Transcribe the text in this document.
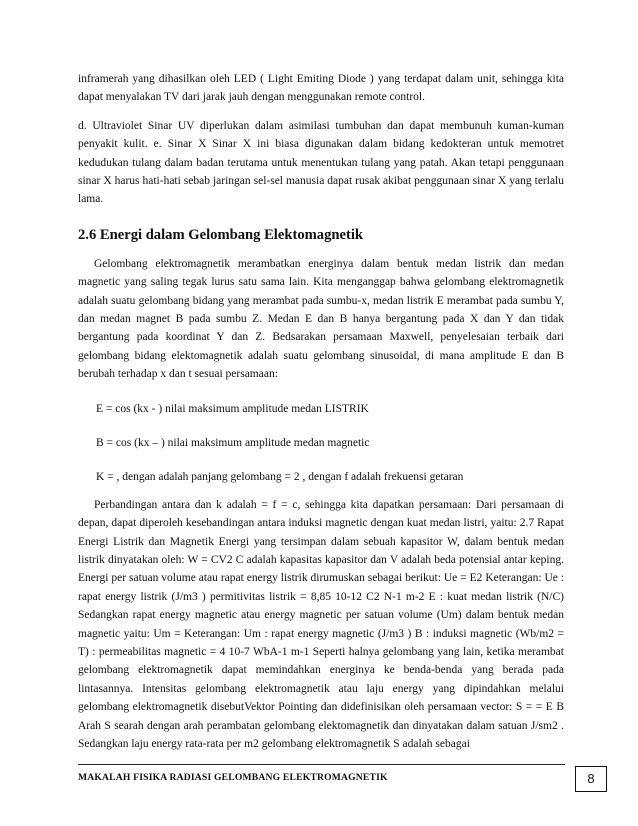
inframerah yang dihasilkan oleh LED ( Light Emiting Diode ) yang terdapat dalam unit, sehingga kita dapat menyalakan TV dari jarak jauh dengan menggunakan remote control.

d. Ultraviolet Sinar UV diperlukan dalam asimilasi tumbuhan dan dapat membunuh kuman-kuman penyakit kulit. e. Sinar X Sinar X ini biasa digunakan dalam bidang kedokteran untuk memotret kedudukan tulang dalam badan terutama untuk menentukan tulang yang patah. Akan tetapi penggunaan sinar X harus hati-hati sebab jaringan sel-sel manusia dapat rusak akibat penggunaan sinar X yang terlalu lama.

2.6 Energi dalam Gelombang Elektomagnetik

Gelombang elektromagnetik merambatkan energinya dalam bentuk medan listrik dan medan magnetic yang saling tegak lurus satu sama lain. Kita menganggap bahwa gelombang elektromagnetik adalah suatu gelombang bidang yang merambat pada sumbu-x, medan listrik E merambat pada sumbu Y, dan medan magnet B pada sumbu Z. Medan E dan B hanya bergantung pada X dan Y dan tidak bergantung pada koordinat Y dan Z. Bedsarakan persamaan Maxwell, penyelesaian terbaik dari gelombang bidang elektomagnetik adalah suatu gelombang sinusoidal, di mana amplitude E dan B berubah terhadap x dan t sesuai persamaan:

E = cos (kx - ) nilai maksimum amplitude medan LISTRIK
B = cos (kx – ) nilai maksimum amplitude medan magnetic
K = , dengan adalah panjang gelombang = 2 , dengan f adalah frekuensi getaran

Perbandingan antara dan k adalah = f = c, sehingga kita dapatkan persamaan: Dari persamaan di depan, dapat diperoleh kesebandingan antara induksi magnetic dengan kuat medan listri, yaitu: 2.7 Rapat Energi Listrik dan Magnetik Energi yang tersimpan dalam sebuah kapasitor W, dalam bentuk medan listrik dinyatakan oleh: W = CV2 C adalah kapasitas kapasitor dan V adalah beda potensial antar keping. Energi per satuan volume atau rapat energy listrik dirumuskan sebagai berikut: Ue = E2 Keterangan: Ue : rapat energy listrik (J/m3 ) permitivitas listrik = 8,85 10-12 C2 N-1 m-2 E : kuat medan listrik (N/C) Sedangkan rapat energy magnetic atau energy magnetic per satuan volume (Um) dalam bentuk medan magnetic yaitu: Um = Keterangan: Um : rapat energy magnetic (J/m3 ) B : induksi magnetic (Wb/m2 = T) : permeabilitas magnetic = 4 10-7 WbA-1 m-1 Seperti halnya gelombang yang lain, ketika merambat gelombang elektromagnetik dapat memindahkan energinya ke benda-benda yang berada pada lintasannya. Intensitas gelombang elektromagnetik atau laju energy yang dipindahkan melalui gelombang elektromagnetik disebutVektor Pointing dan didefinisikan oleh persamaan vector: S = = E B Arah S searah dengan arah perambatan gelombang elektomagnetik dan dinyatakan dalam satuan J/sm2 . Sedangkan laju energy rata-rata per m2 gelombang elektromagnetik S adalah sebagai

MAKALAH FISIKA RADIASI GELOMBANG ELEKTROMAGNETIK	8
